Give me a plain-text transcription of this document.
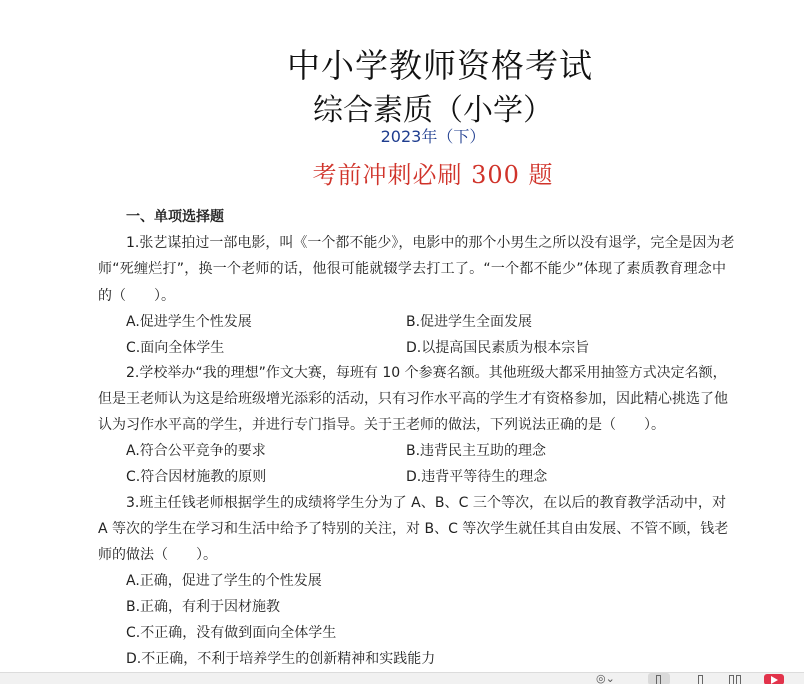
中小学教师资格考试
综合素质（小学）
2023年（下）
考前冲刺必刷 300 题
一、单项选择题
1.张艺谋拍过一部电影，叫《一个都不能少》，电影中的那个小男生之所以没有退学，完全是因为老
师“死缠烂打”，换一个老师的话，他很可能就辍学去打工了。“一个都不能少”体现了素质教育理念中
的（　　）。
A.促进学生个性发展	B.促进学生全面发展
C.面向全体学生	D.以提高国民素质为根本宗旨
2.学校举办“我的理想”作文大赛，每班有 10 个参赛名额。其他班级大都采用抽签方式决定名额，
但是王老师认为这是给班级增光添彩的活动，只有习作水平高的学生才有资格参加，因此精心挑选了他
认为习作水平高的学生，并进行专门指导。关于王老师的做法，下列说法正确的是（　　）。
A.符合公平竞争的要求	B.违背民主互助的理念
C.符合因材施教的原则	D.违背平等待生的理念
3.班主任钱老师根据学生的成绩将学生分为了 A、B、C 三个等次，在以后的教育教学活动中，对
A 等次的学生在学习和生活中给予了特别的关注，对 B、C 等次学生就任其自由发展、不管不顾，钱老
师的做法（　　）。
A.正确，促进了学生的个性发展
B.正确，有利于因材施教
C.不正确，没有做到面向全体学生
D.不正确，不利于培养学生的创新精神和实践能力
◎⌄
